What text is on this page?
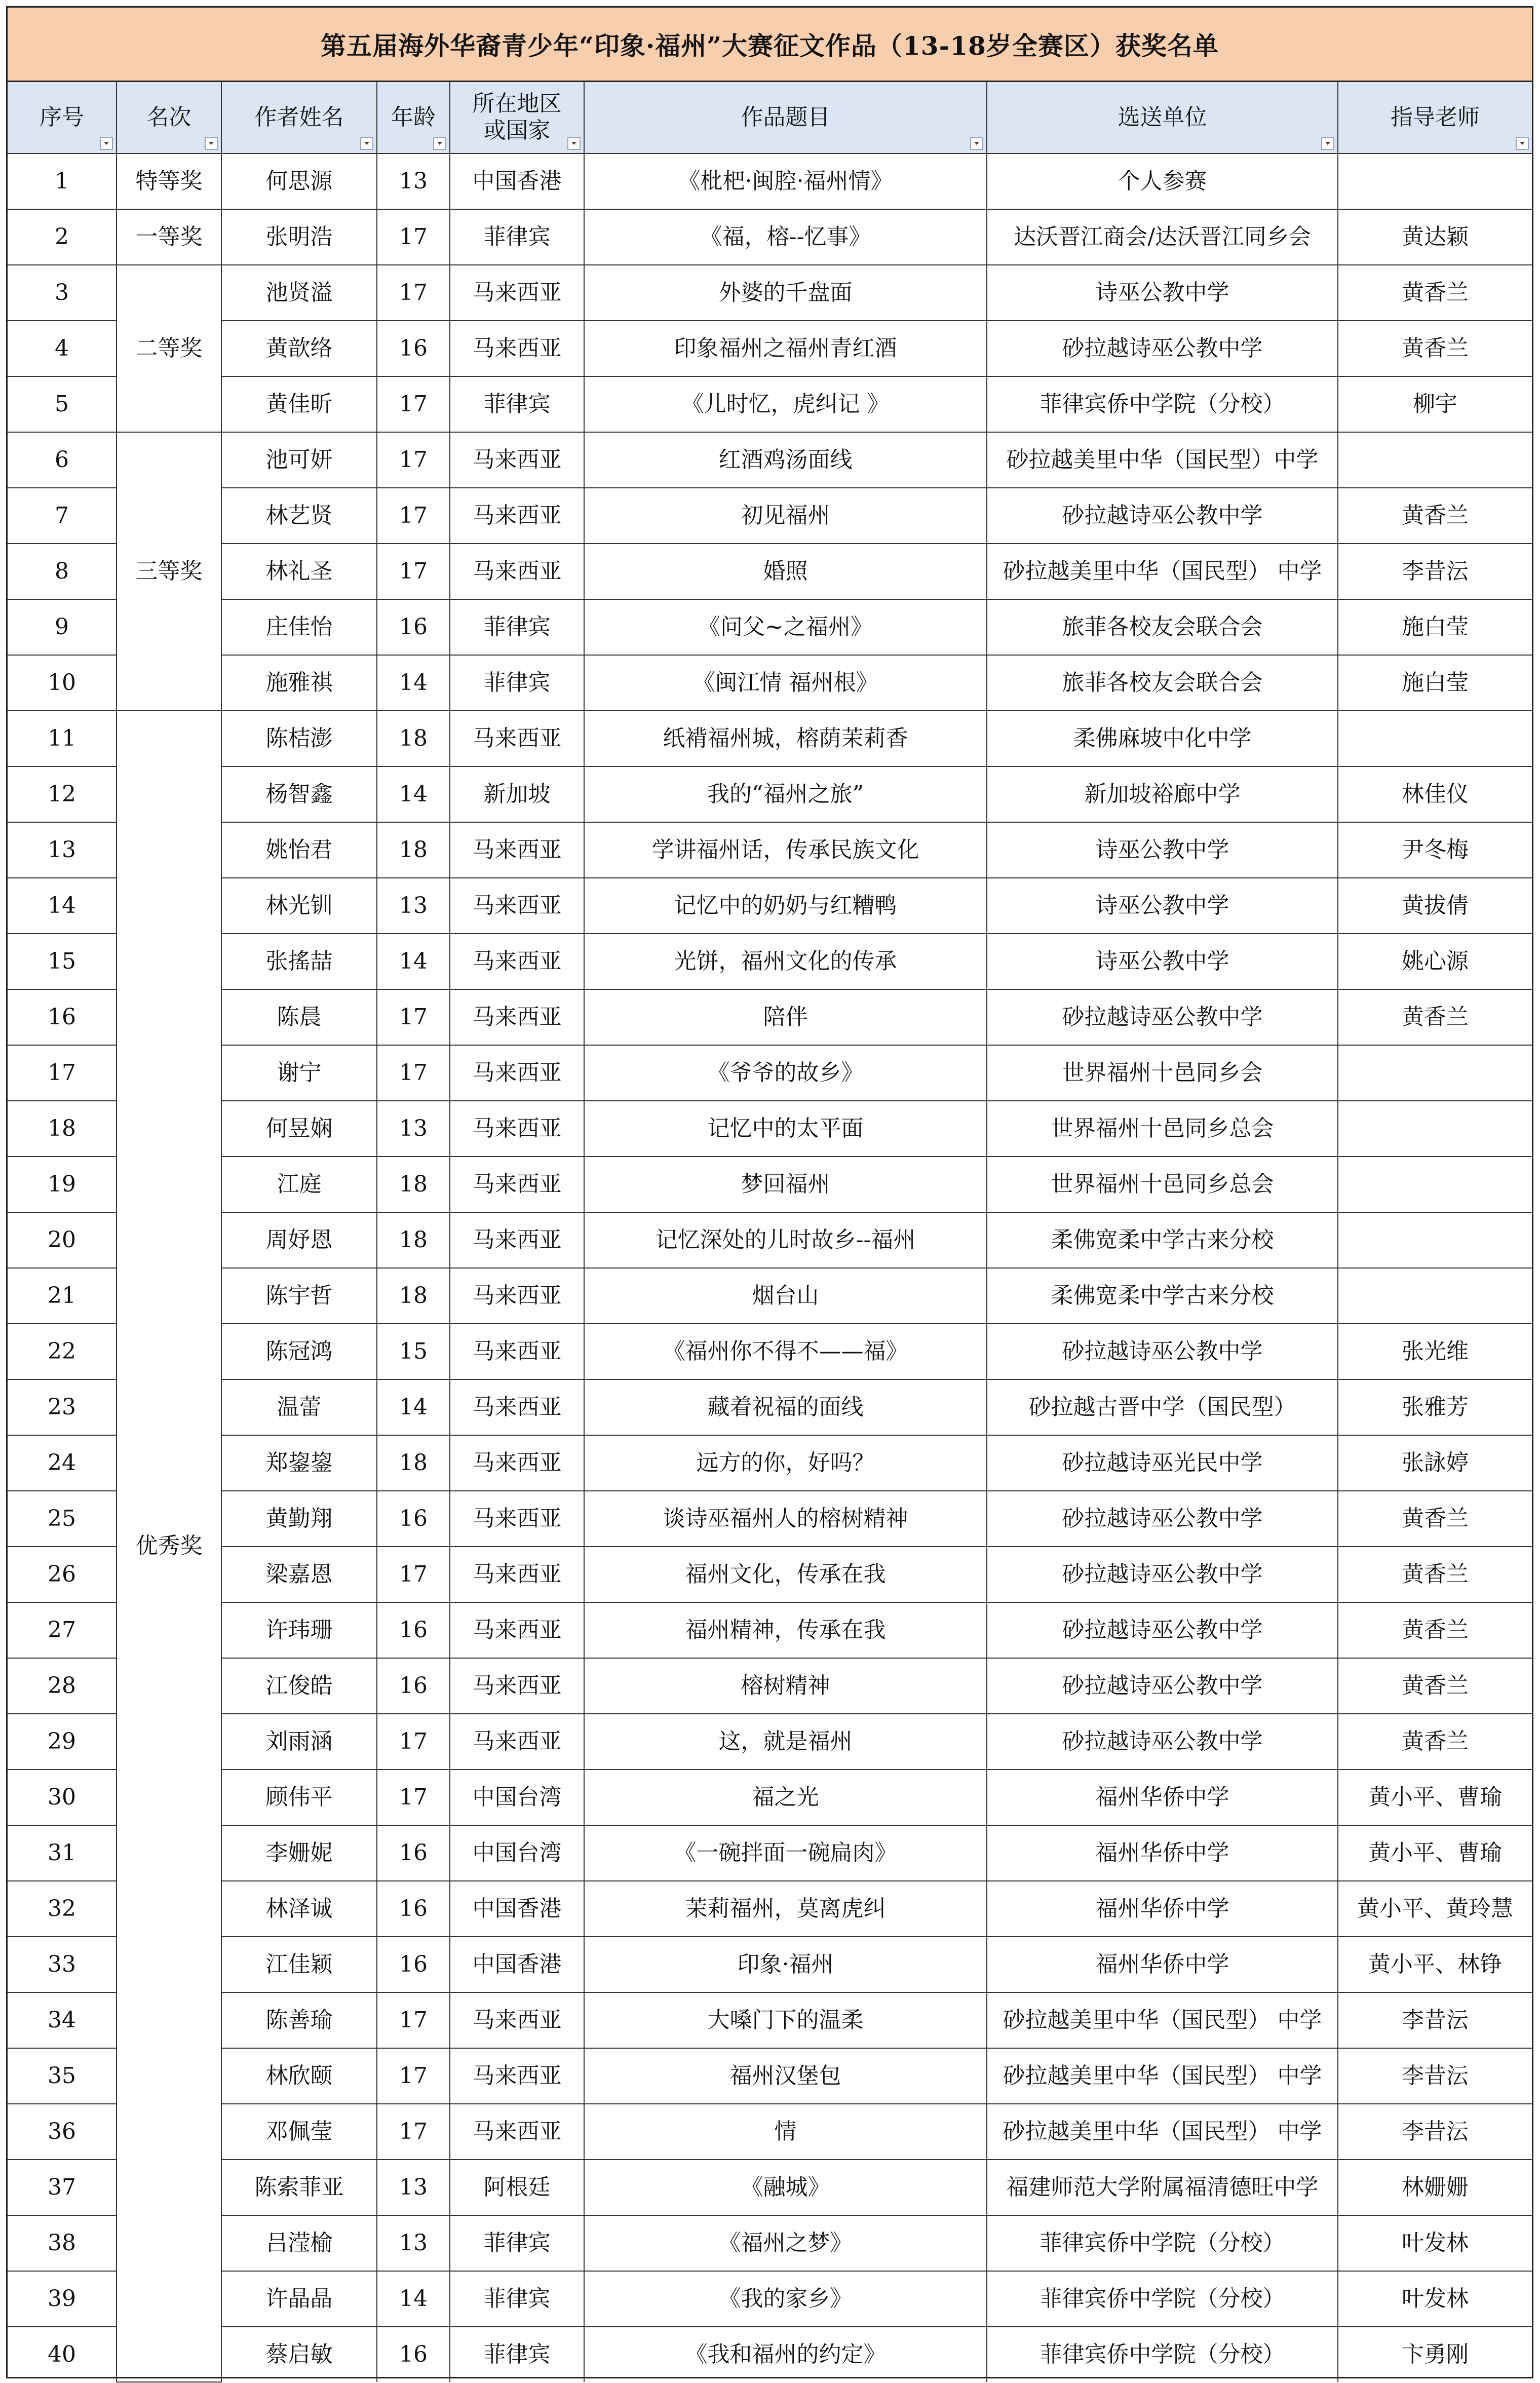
第五届海外华裔青少年“印象·福州”大赛征文作品（13-18岁全赛区）获奖名单
序号	名次	作者姓名	年龄	所在地区或国家	作品题目	选送单位	指导老师

1	特等奖	何思源	13	中国香港	《枇杷·闽腔·福州情》	个人参赛	
2	一等奖	张明浩	17	菲律宾	《福，榕--忆事》	达沃晋江商会/达沃晋江同乡会	黄达颖
3	二等奖	池贤溢	17	马来西亚	外婆的千盘面	诗巫公教中学	黄香兰
4		黄歆络	16	马来西亚	印象福州之福州青红酒	砂拉越诗巫公教中学	黄香兰
5		黄佳昕	17	菲律宾	《儿时忆，虎纠记 》	菲律宾侨中学院（分校）	柳宇
6	三等奖	池可妍	17	马来西亚	红酒鸡汤面线	砂拉越美里中华（国民型）中学	
7		林艺贤	17	马来西亚	初见福州	砂拉越诗巫公教中学	黄香兰
8		林礼圣	17	马来西亚	婚照	砂拉越美里中华（国民型） 中学	李昔沄
9		庄佳怡	16	菲律宾	《问父~之福州》	旅菲各校友会联合会	施白莹
10		施雅祺	14	菲律宾	《闽江情 福州根》	旅菲各校友会联合会	施白莹
11	优秀奖	陈桔澎	18	马来西亚	纸褙福州城，榕荫茉莉香	柔佛麻坡中化中学	
12		杨智鑫	14	新加坡	我的“福州之旅”	新加坡裕廊中学	林佳仪
13		姚怡君	18	马来西亚	学讲福州话，传承民族文化	诗巫公教中学	尹冬梅
14		林光钏	13	马来西亚	记忆中的奶奶与红糟鸭	诗巫公教中学	黄拔倩
15		张搖喆	14	马来西亚	光饼，福州文化的传承	诗巫公教中学	姚心源
16		陈晨	17	马来西亚	陪伴	砂拉越诗巫公教中学	黄香兰
17		谢宁	17	马来西亚	《爷爷的故乡》	世界福州十邑同乡会	
18		何昱娴	13	马来西亚	记忆中的太平面	世界福州十邑同乡总会	
19		江庭	18	马来西亚	梦回福州	世界福州十邑同乡总会	
20		周妤恩	18	马来西亚	记忆深处的儿时故乡--福州	柔佛宽柔中学古来分校	
21		陈宇哲	18	马来西亚	烟台山	柔佛宽柔中学古来分校	
22		陈冠鸿	15	马来西亚	《福州你不得不——福》	砂拉越诗巫公教中学	张光维
23		温蕾	14	马来西亚	藏着祝福的面线	砂拉越古晋中学（国民型）	张雅芳
24		郑鋆鋆	18	马来西亚	远方的你，好吗？	砂拉越诗巫光民中学	张詠婷
25		黄勤翔	16	马来西亚	谈诗巫福州人的榕树精神	砂拉越诗巫公教中学	黄香兰
26		梁嘉恩	17	马来西亚	福州文化，传承在我	砂拉越诗巫公教中学	黄香兰
27		许玮珊	16	马来西亚	福州精神，传承在我	砂拉越诗巫公教中学	黄香兰
28		江俊皓	16	马来西亚	榕树精神	砂拉越诗巫公教中学	黄香兰
29		刘雨涵	17	马来西亚	这，就是福州	砂拉越诗巫公教中学	黄香兰
30		顾伟平	17	中国台湾	福之光	福州华侨中学	黄小平、曹瑜
31		李姗妮	16	中国台湾	《一碗拌面一碗扁肉》	福州华侨中学	黄小平、曹瑜
32		林泽诚	16	中国香港	茉莉福州，莫离虎纠	福州华侨中学	黄小平、黄玲慧
33		江佳颖	16	中国香港	印象·福州	福州华侨中学	黄小平、林铮
34		陈善瑜	17	马来西亚	大嗓门下的温柔	砂拉越美里中华（国民型） 中学	李昔沄
35		林欣颐	17	马来西亚	福州汉堡包	砂拉越美里中华（国民型） 中学	李昔沄
36		邓佩莹	17	马来西亚	情	砂拉越美里中华（国民型） 中学	李昔沄
37		陈索菲亚	13	阿根廷	《融城》	福建师范大学附属福清德旺中学	林姗姗
38		吕滢榆	13	菲律宾	《福州之梦》	菲律宾侨中学院（分校）	叶发林
39		许晶晶	14	菲律宾	《我的家乡》	菲律宾侨中学院（分校）	叶发林
40		蔡启敏	16	菲律宾	《我和福州的约定》	菲律宾侨中学院（分校）	卞勇刚
